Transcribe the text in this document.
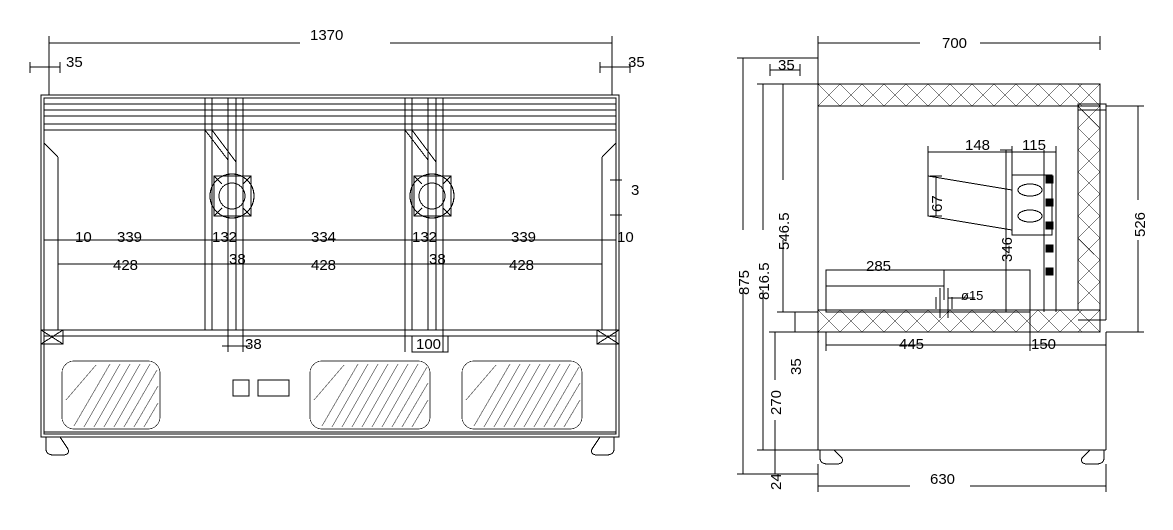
1370
35	35
3
10	10
339	334	339
132	132
428	428	428
38	38
38	100
700
35
875 816.5
546.5
270
35
24
526
346
67
148 115
285
ø15
445	150
630
